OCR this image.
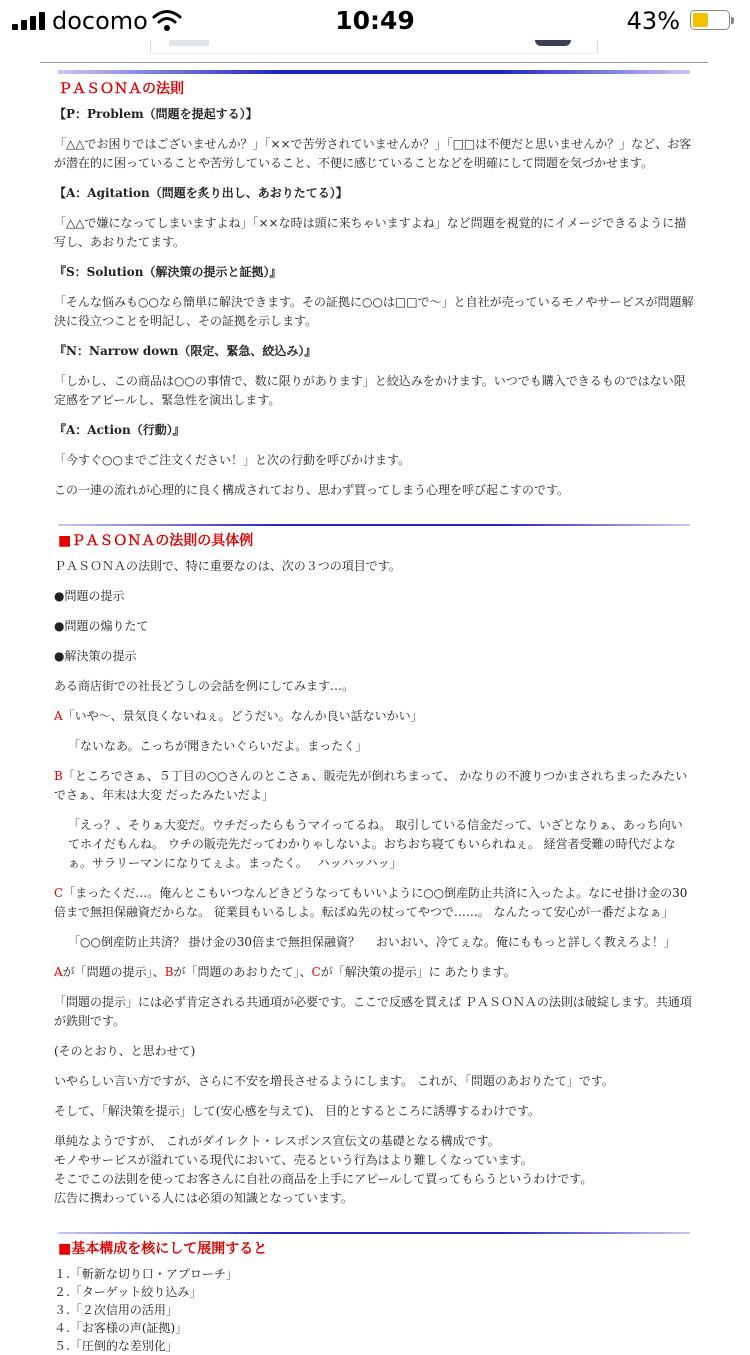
docomo	10:49	43%
ＰＡＳＯＮＡの法則
【P：Problem（問題を提起する）】

「△△でお困りではございませんか？」「××で苦労されていませんか？」「□□は不便だと思いませんか？」など、お客が潜在的に困っていることや苦労していること、不便に感じていることなどを明確にして問題を気づかせます。

【A：Agitation（問題を炙り出し、あおりたてる）】

「△△で嫌になってしまいますよね」「××な時は頭に来ちゃいますよね」など問題を視覚的にイメージできるように描写し、あおりたてます。

『S：Solution（解決策の提示と証拠）』

「そんな悩みも○○なら簡単に解決できます。その証拠に○○は□□で〜」と自社が売っているモノやサービスが問題解決に役立つことを明記し、その証拠を示します。

『N：Narrow down（限定、緊急、絞込み）』

「しかし、この商品は○○の事情で、数に限りがあります」と絞込みをかけます。いつでも購入できるものではない限定感をアピールし、緊急性を演出します。

『A：Action（行動）』

「今すぐ○○までご注文ください！」と次の行動を呼びかけます。

この一連の流れが心理的に良く構成されており、思わず買ってしまう心理を呼び起こすのです。

■ＰＡＳＯＮＡの法則の具体例

ＰＡＳＯＮＡの法則で、特に重要なのは、次の３つの項目です。

●問題の提示
●問題の煽りたて
●解決策の提示

ある商店街での社長どうしの会話を例にしてみます…。

A「いや〜、景気良くないねぇ。どうだい。なんか良い話ないかい」

「ないなあ。こっちが聞きたいぐらいだよ。まったく」

B「ところでさぁ、５丁目の○○さんのとこさぁ、販売先が倒れちまって、 かなりの不渡りつかまされちまったみたいでさぁ、年末は大変 だったみたいだよ」

「えっ？、そりぁ大変だ。ウチだったらもうマイってるね。 取引している信金だって、いざとなりぁ、あっち向いてホイだもんね。 ウチの販売先だってわかりゃしないよ。おちおち寝てもいられねぇ。 経営者受難の時代だよなぁ。サラリーマンになりてぇよ。まったく。　 ハッハッハッ」

C「まったくだ…。俺んとこもいつなんどきどうなってもいいように○○倒産防止共済に入ったよ。なにせ掛け金の30倍まで無担保融資だからな。 従業員もいるしよ。転ばぬ先の杖ってやつで……。 なんたって安心が一番だよなぁ」

「○○倒産防止共済？ 掛け金の30倍まで無担保融資？　 おいおい、冷てぇな。俺にももっと詳しく教えろよ！」

Aが「問題の提示」、Bが「問題のあおりたて」、Cが「解決策の提示」に あたります。

「問題の提示」には必ず肯定される共通項が必要です。ここで反感を買えば ＰＡＳＯＮＡの法則は破綻します。共通項が鉄則です。

(そのとおり、と思わせて)

いやらしい言い方ですが、さらに不安を増長させるようにします。 これが、「問題のあおりたて」です。

そして、「解決策を提示」して(安心感を与えて)、 目的とするところに誘導するわけです。

単純なようですが、 これがダイレクト・レスポンス宣伝文の基礎となる構成です。

モノやサービスが溢れている現代において、売るという行為はより難しくなっています。

そこでこの法則を使ってお客さんに自社の商品を上手にアピールして買ってもらうというわけです。

広告に携わっている人には必須の知識となっています。

■基本構成を核にして展開すると
１.「斬新な切り口・アプローチ」
２.「ターゲット絞り込み」
３.「２次信用の活用」
４.「お客様の声(証拠)」
５.「圧倒的な差別化」
